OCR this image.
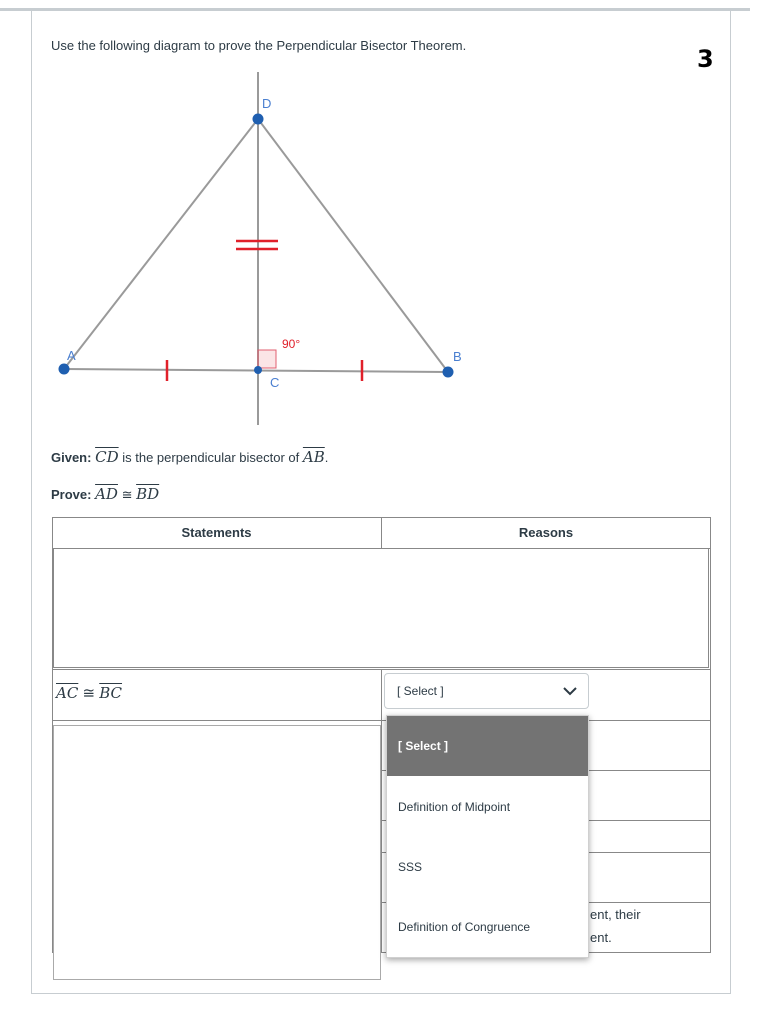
3
Use the following diagram to prove the Perpendicular Bisector Theorem.
D
A
C
B
90°
Given: $\overline{CD}$ is the perpendicular bisector of $\overline{AB}$.
Prove: $\overline{AD}$ ≅ $\overline{BD}$
Statements	Reasons
$\overline{AC}$ ≅ $\overline{BC}$	[ Select ]
ent, their
ent.
[ Select ]
Definition of Midpoint
SSS
Definition of Congruence
